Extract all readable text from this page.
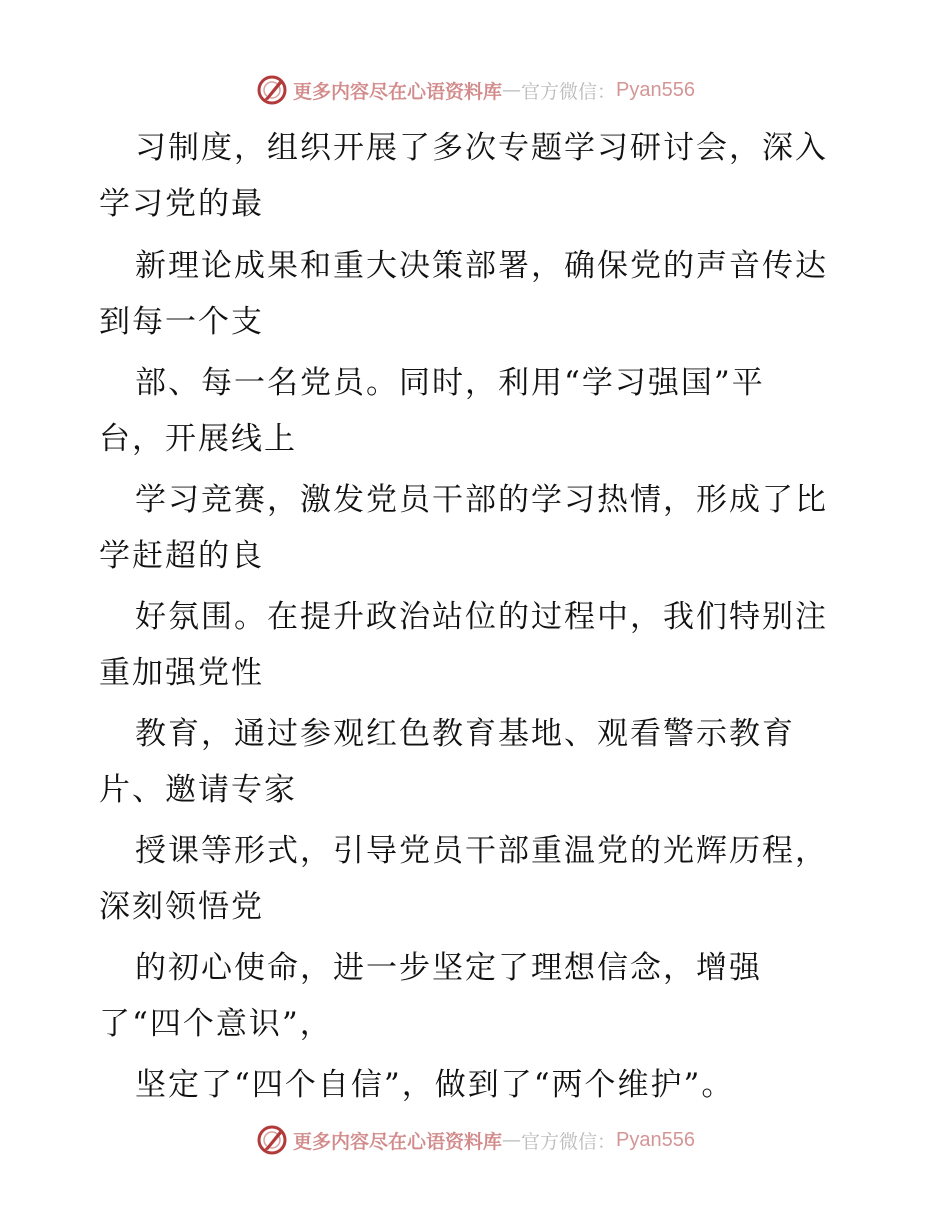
更多内容尽在心语资料库 — 官方微信： Pyan556
习制度，组织开展了多次专题学习研讨会，深入
学习党的最
新理论成果和重大决策部署，确保党的声音传达
到每一个支
部、每一名党员。同时，利用“学习强国”平
台，开展线上
学习竞赛，激发党员干部的学习热情，形成了比
学赶超的良
好氛围。在提升政治站位的过程中，我们特别注
重加强党性
教育，通过参观红色教育基地、观看警示教育
片、邀请专家
授课等形式，引导党员干部重温党的光辉历程，
深刻领悟党
的初心使命，进一步坚定了理想信念，增强
了“四个意识”，
坚定了“四个自信”，做到了“两个维护”。
更多内容尽在心语资料库 — 官方微信： Pyan556
